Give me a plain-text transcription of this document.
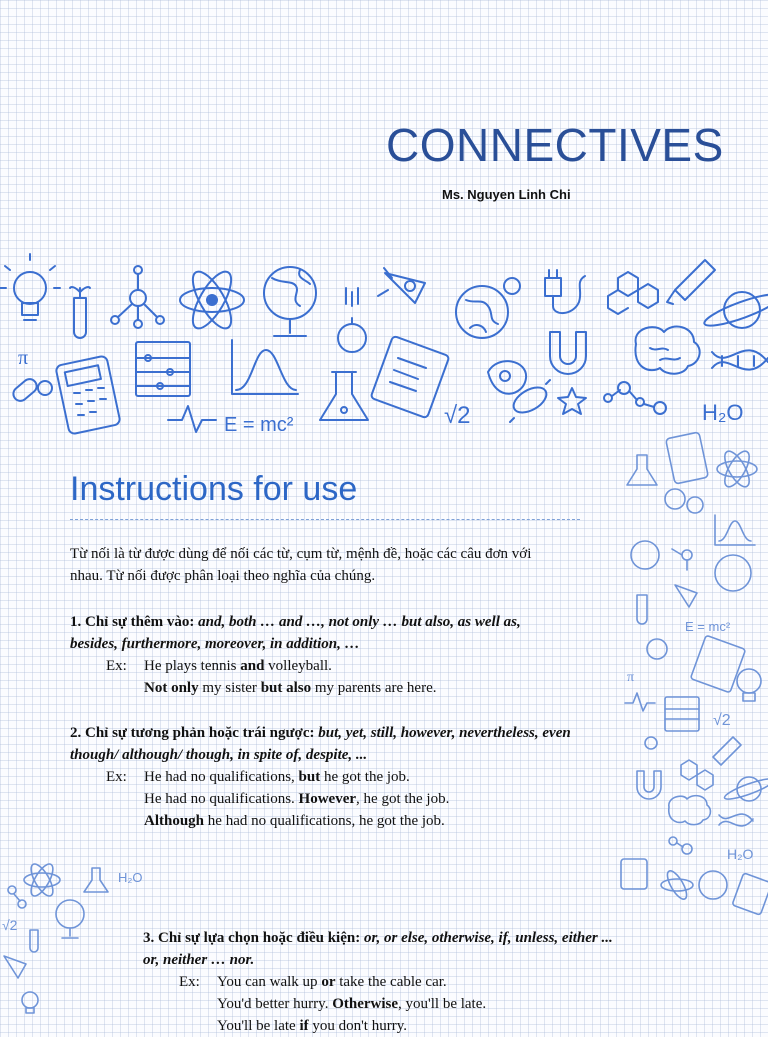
CONNECTIVES
Ms. Nguyen Linh Chi
π
E = mc²	√2	H₂O
E = mc²
π
√2
H₂O
H₂O
√2
Instructions for use
Từ nối là từ được dùng để nối các từ, cụm từ, mệnh đề, hoặc các câu đơn với nhau. Từ nối được phân loại theo nghĩa của chúng.
1. Chỉ sự thêm vào: and, both … and …, not only … but also, as well as, besides, furthermore, moreover, in addition, …
Ex:	He plays tennis and volleyball.
Not only my sister but also my parents are here.
2. Chỉ sự tương phản hoặc trái ngược: but, yet, still, however, nevertheless, even though/ although/ though, in spite of, despite, ...
Ex:	He had no qualifications, but he got the job.
He had no qualifications. However, he got the job.
Although he had no qualifications, he got the job.
3. Chỉ sự lựa chọn hoặc điều kiện: or, or else, otherwise, if, unless, either ... or, neither … nor.
Ex:	You can walk up or take the cable car.
You'd better hurry. Otherwise, you'll be late.
You'll be late if you don't hurry.
